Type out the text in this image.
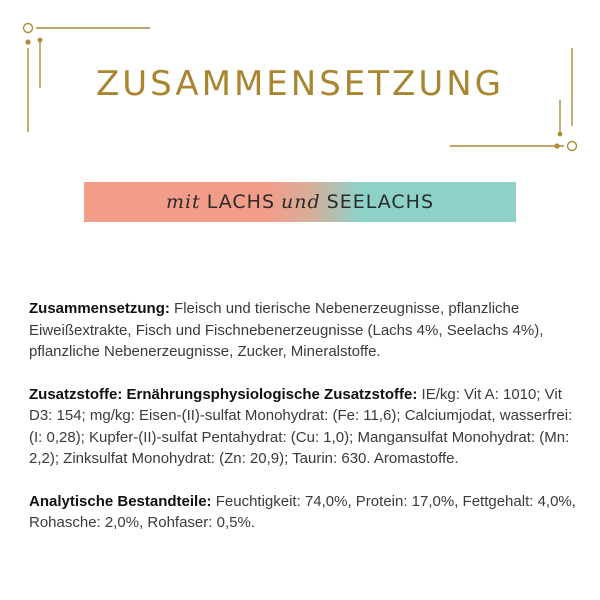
ZUSAMMENSETZUNG
mit LACHS und SEELACHS

Zusammensetzung: Fleisch und tierische Nebenerzeugnisse, pflanzliche Eiweißextrakte, Fisch und Fischnebenerzeugnisse (Lachs 4%, Seelachs 4%), pflanzliche Nebenerzeugnisse, Zucker, Mineralstoffe.

Zusatzstoffe: Ernährungsphysiologische Zusatzstoffe: IE/kg: Vit A: 1010; Vit D3: 154; mg/kg: Eisen-(II)-sulfat Monohydrat: (Fe: 11,6); Calciumjodat, wasserfrei: (I: 0,28); Kupfer-(II)-sulfat Pentahydrat: (Cu: 1,0); Mangansulfat Monohydrat: (Mn: 2,2); Zinksulfat Monohydrat: (Zn: 20,9); Taurin: 630. Aromastoffe.

Analytische Bestandteile: Feuchtigkeit: 74,0%, Protein: 17,0%, Fettgehalt: 4,0%, Rohasche: 2,0%, Rohfaser: 0,5%.
